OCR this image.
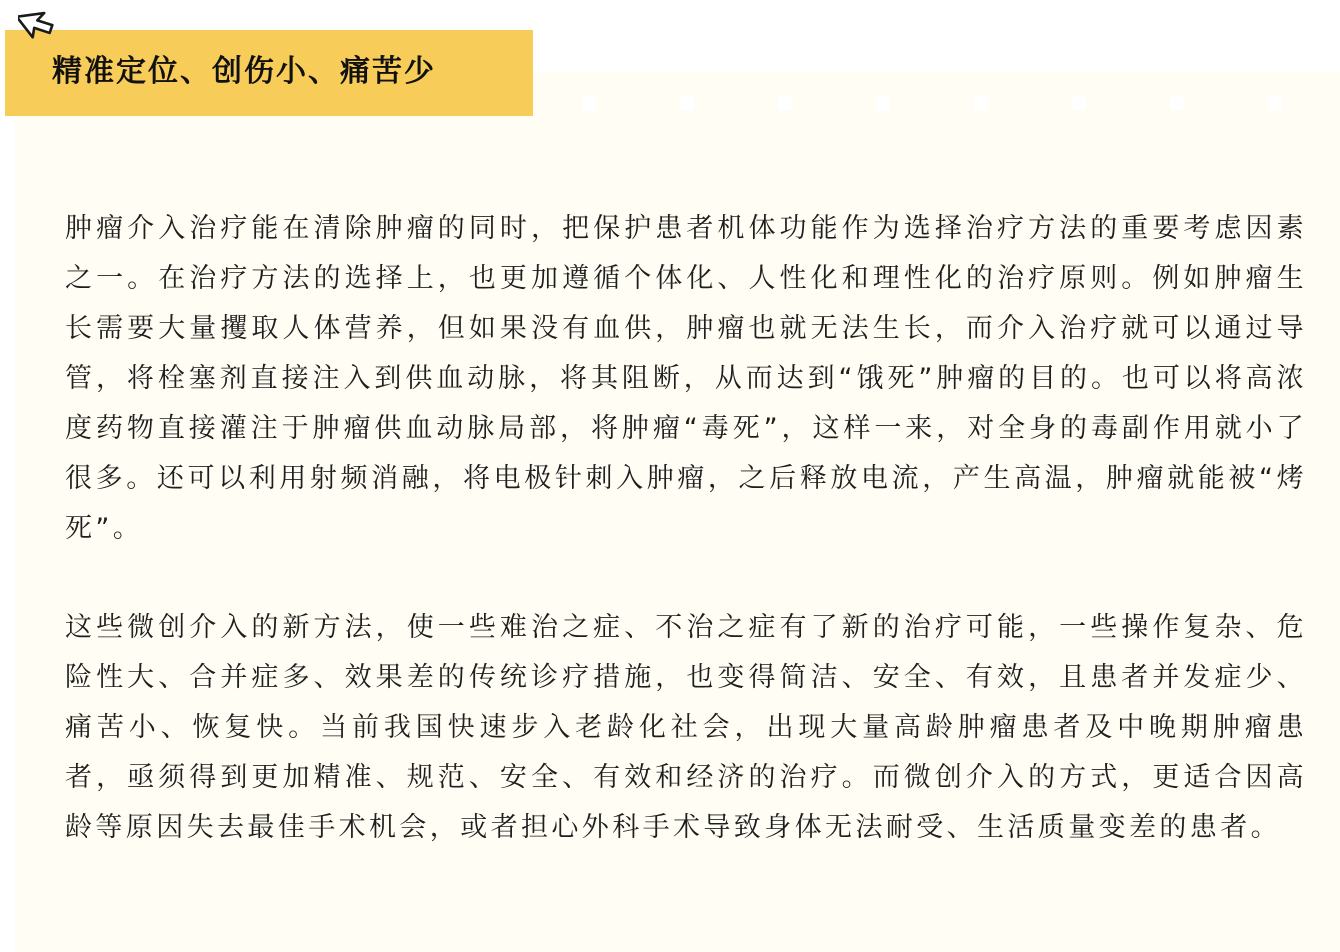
精准定位、创伤小、痛苦少

肿瘤介入治疗能在清除肿瘤的同时，把保护患者机体功能作为选择治疗方法的重要考虑因素之一。在治疗方法的选择上，也更加遵循个体化、人性化和理性化的治疗原则。例如肿瘤生长需要大量攫取人体营养，但如果没有血供，肿瘤也就无法生长，而介入治疗就可以通过导管，将栓塞剂直接注入到供血动脉，将其阻断，从而达到“饿死”肿瘤的目的。也可以将高浓度药物直接灌注于肿瘤供血动脉局部，将肿瘤“毒死”，这样一来，对全身的毒副作用就小了很多。还可以利用射频消融，将电极针刺入肿瘤，之后释放电流，产生高温，肿瘤就能被“烤死”。

这些微创介入的新方法，使一些难治之症、不治之症有了新的治疗可能，一些操作复杂、危险性大、合并症多、效果差的传统诊疗措施，也变得简洁、安全、有效，且患者并发症少、痛苦小、恢复快。当前我国快速步入老龄化社会，出现大量高龄肿瘤患者及中晚期肿瘤患者，亟须得到更加精准、规范、安全、有效和经济的治疗。而微创介入的方式，更适合因高龄等原因失去最佳手术机会，或者担心外科手术导致身体无法耐受、生活质量变差的患者。
